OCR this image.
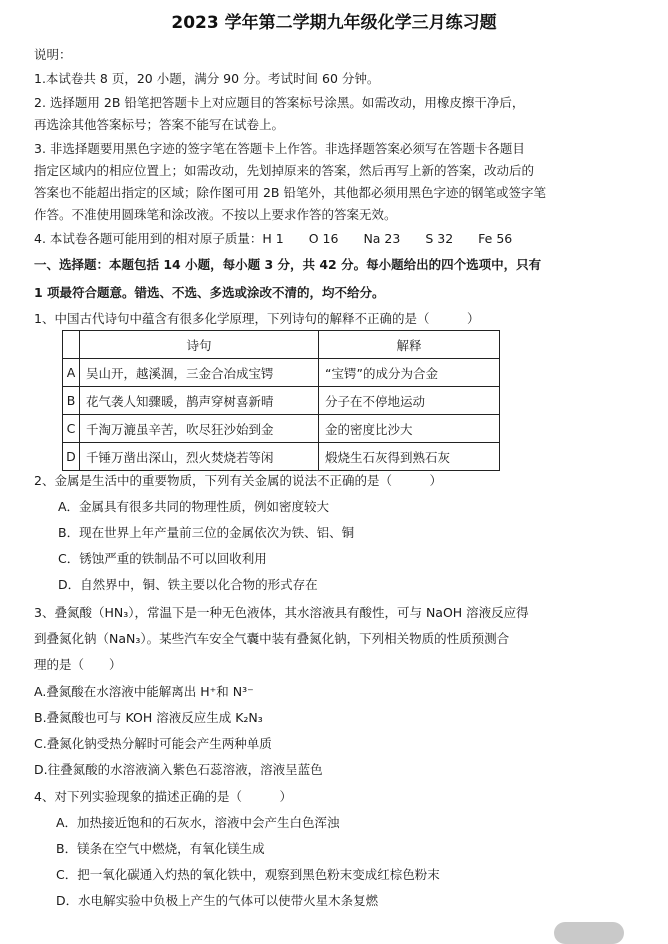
2023 学年第二学期九年级化学三月练习题
说明：
1.本试卷共 8 页，20 小题，满分 90 分。考试时间 60 分钟。
2. 选择题用 2B 铅笔把答题卡上对应题目的答案标号涂黑。如需改动，用橡皮擦干净后，
再选涂其他答案标号；答案不能写在试卷上。
3. 非选择题要用黑色字迹的签字笔在答题卡上作答。非选择题答案必须写在答题卡各题目
指定区域内的相应位置上；如需改动，先划掉原来的答案，然后再写上新的答案，改动后的
答案也不能超出指定的区域；除作图可用 2B 铅笔外，其他都必须用黑色字迹的钢笔或签字笔
作答。不准使用圆珠笔和涂改液。不按以上要求作答的答案无效。
4. 本试卷各题可能用到的相对原子质量：H 1　　O 16　　Na 23　　S 32　　Fe 56
一、选择题：本题包括 14 小题，每小题 3 分，共 42 分。每小题给出的四个选项中，只有
1 项最符合题意。错选、不选、多选或涂改不清的，均不给分。
1、中国古代诗句中蕴含有很多化学原理，下列诗句的解释不正确的是（　　　）
	诗句	解释
A	吴山开，越溪涸，三金合冶成宝锷	“宝锷”的成分为合金
B	花气袭人知骤暖，鹊声穿树喜新晴	分子在不停地运动
C	千淘万漉虽辛苦，吹尽狂沙始到金	金的密度比沙大
D	千锤万凿出深山，烈火焚烧若等闲	煅烧生石灰得到熟石灰
2、金属是生活中的重要物质，下列有关金属的说法不正确的是（　　　）
A．金属具有很多共同的物理性质，例如密度较大
B．现在世界上年产量前三位的金属依次为铁、铝、铜
C．锈蚀严重的铁制品不可以回收利用
D．自然界中，铜、铁主要以化合物的形式存在
3、叠氮酸（HN₃），常温下是一种无色液体，其水溶液具有酸性，可与 NaOH 溶液反应得
到叠氮化钠（NaN₃）。某些汽车安全气囊中装有叠氮化钠，下列相关物质的性质预测合
理的是（　　）
A.叠氮酸在水溶液中能解离出 H⁺和 N³⁻
B.叠氮酸也可与 KOH 溶液反应生成 K₂N₃
C.叠氮化钠受热分解时可能会产生两种单质
D.往叠氮酸的水溶液滴入紫色石蕊溶液，溶液呈蓝色
4、对下列实验现象的描述正确的是（　　　）
A．加热接近饱和的石灰水，溶液中会产生白色浑浊
B．镁条在空气中燃烧，有氧化镁生成
C．把一氧化碳通入灼热的氧化铁中，观察到黑色粉末变成红棕色粉末
D．水电解实验中负极上产生的气体可以使带火星木条复燃
